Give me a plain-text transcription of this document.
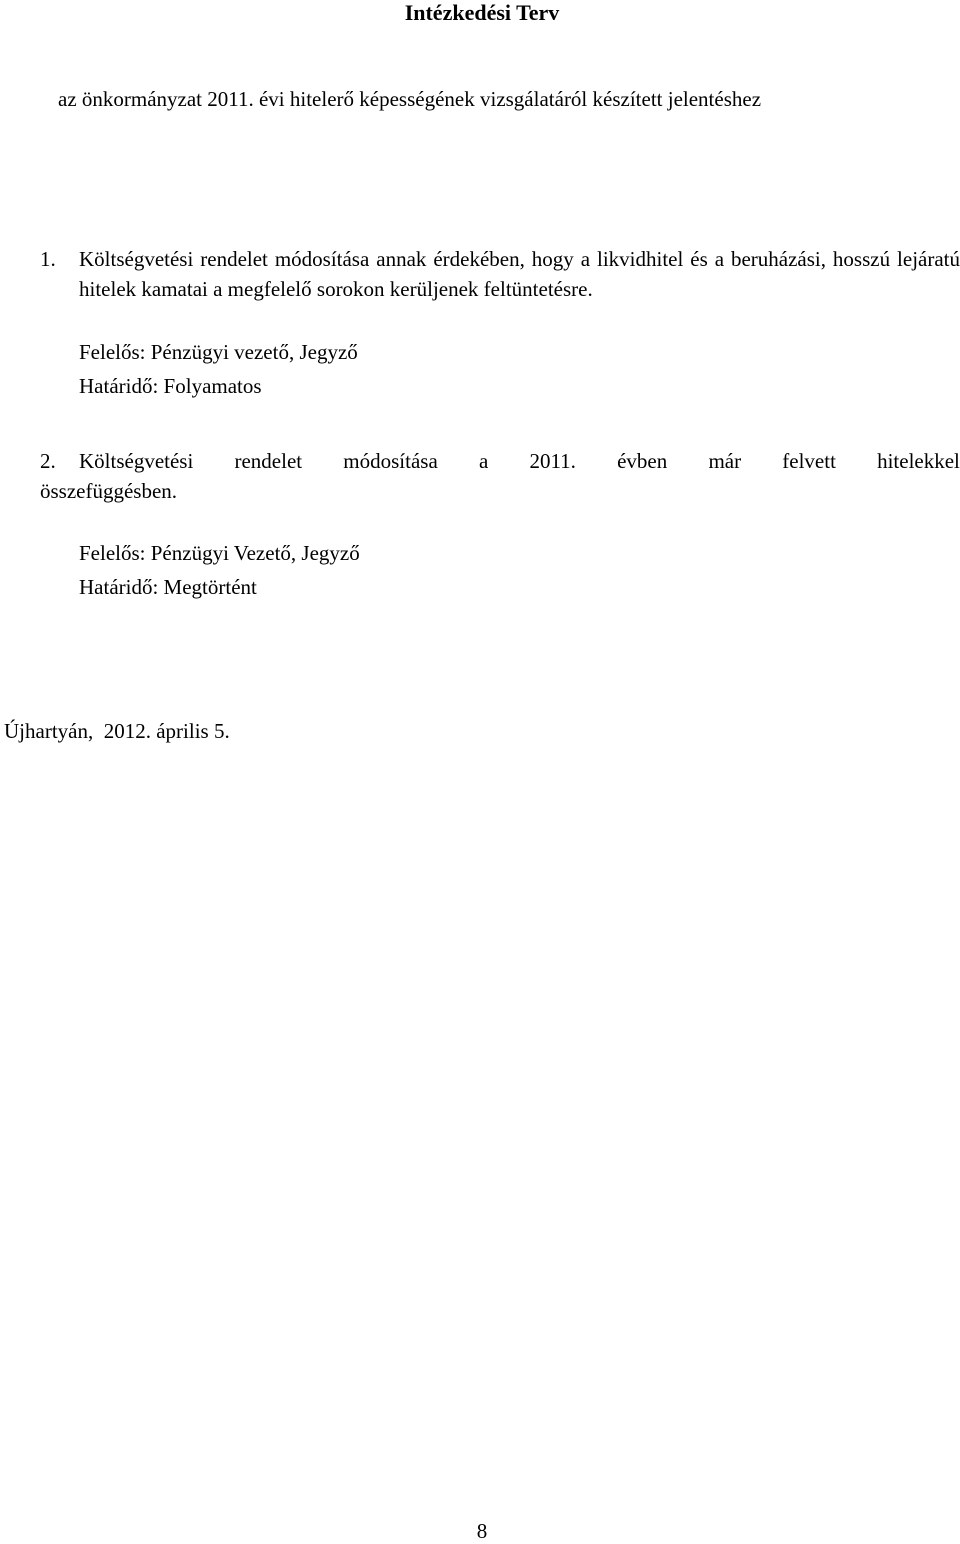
Intézkedési Terv
az önkormányzat 2011. évi hitelerő képességének vizsgálatáról készített jelentéshez
1. Költségvetési rendelet módosítása annak érdekében, hogy a likvidhitel és a beruházási, hosszú lejáratú hitelek kamatai a megfelelő sorokon kerüljenek feltüntetésre.
Felelős: Pénzügyi vezető, Jegyző
Határidő: Folyamatos
2. Költségvetési rendelet módosítása a 2011. évben már felvett hitelekkel
összefüggésben.
Felelős: Pénzügyi Vezető, Jegyző
Határidő: Megtörtént
Újhartyán,  2012. április 5.
8
